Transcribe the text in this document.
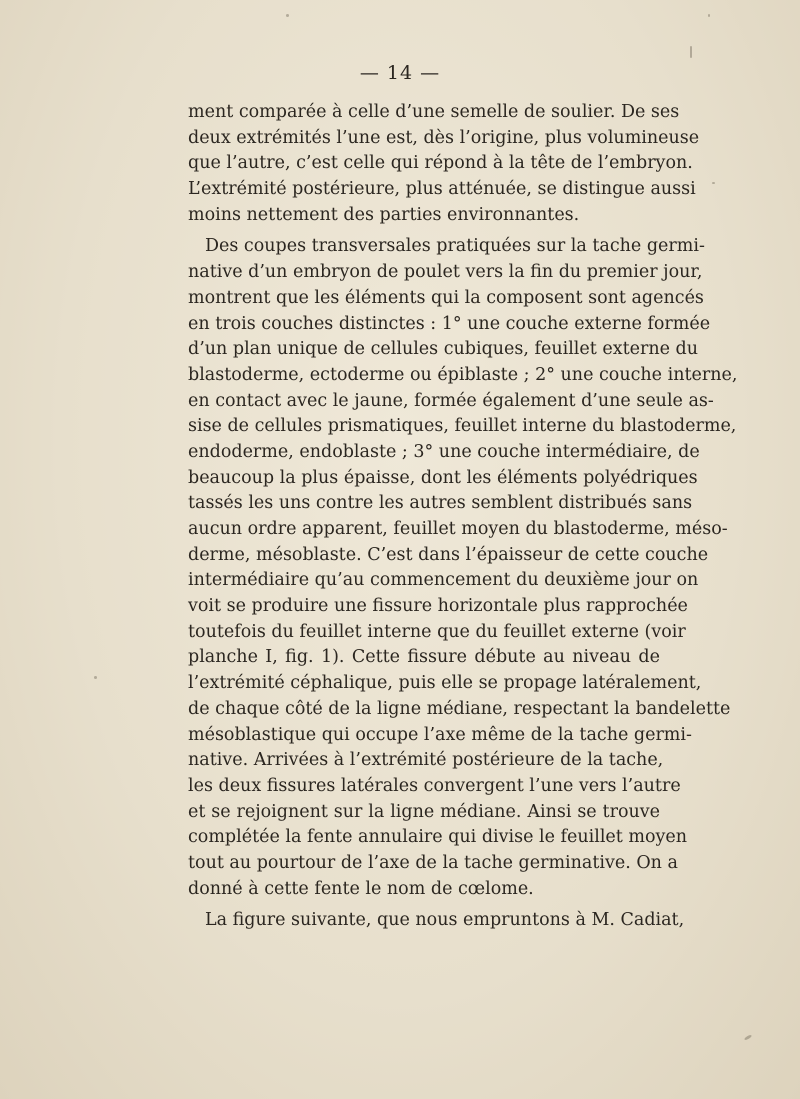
— 14 —
ment comparée à celle d’une semelle de soulier. De ses
deux extrémités l’une est, dès l’origine, plus volumineuse
que l’autre, c’est celle qui répond à la tête de l’embryon.
L’extrémité postérieure, plus atténuée, se distingue aussi
moins nettement des parties environnantes.
Des coupes transversales pratiquées sur la tache germi-
native d’un embryon de poulet vers la fin du premier jour,
montrent que les éléments qui la composent sont agencés
en trois couches distinctes : 1° une couche externe formée
d’un plan unique de cellules cubiques, feuillet externe du
blastoderme, ectoderme ou épiblaste ; 2° une couche interne,
en contact avec le jaune, formée également d’une seule as-
sise de cellules prismatiques, feuillet interne du blastoderme,
endoderme, endoblaste ; 3° une couche intermédiaire, de
beaucoup la plus épaisse, dont les éléments polyédriques
tassés les uns contre les autres semblent distribués sans
aucun ordre apparent, feuillet moyen du blastoderme, méso-
derme, mésoblaste. C’est dans l’épaisseur de cette couche
intermédiaire qu’au commencement du deuxième jour on
voit se produire une fissure horizontale plus rapprochée
toutefois du feuillet interne que du feuillet externe (voir
planche I, fig. 1). Cette fissure débute au niveau de
l’extrémité céphalique, puis elle se propage latéralement,
de chaque côté de la ligne médiane, respectant la bandelette
mésoblastique qui occupe l’axe même de la tache germi-
native. Arrivées à l’extrémité postérieure de la tache,
les deux fissures latérales convergent l’une vers l’autre
et se rejoignent sur la ligne médiane. Ainsi se trouve
complétée la fente annulaire qui divise le feuillet moyen
tout au pourtour de l’axe de la tache germinative. On a
donné à cette fente le nom de cœlome.
La figure suivante, que nous empruntons à M. Cadiat,
